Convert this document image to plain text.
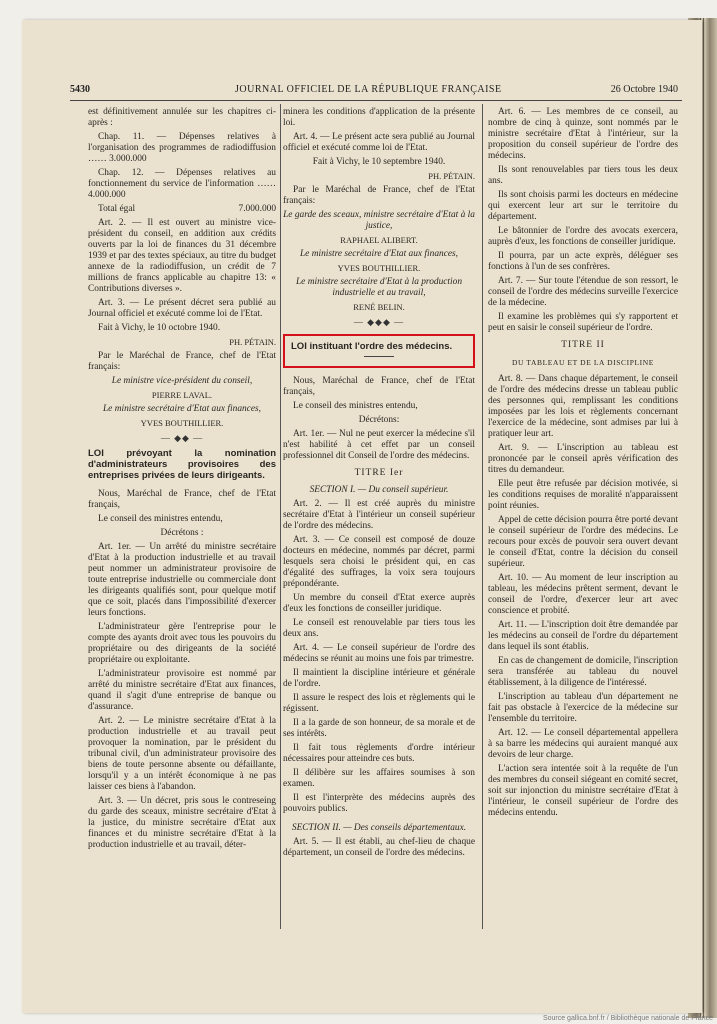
5430	JOURNAL OFFICIEL DE LA RÉPUBLIQUE FRANÇAISE	26 Octobre 1940

est définitivement annulée sur les chapitres ci-après :

Chap. 11. — Dépenses relatives à l'organisation des programmes de radiodiffusion …… 3.000.000

Chap. 12. — Dépenses relatives au fonctionnement du service de l'information …… 4.000.000

Total égal	7.000.000

Art. 2. — Il est ouvert au ministre vice-président du conseil, en addition aux crédits ouverts par la loi de finances du 31 décembre 1939 et par des textes spéciaux, au titre du budget annexe de la radiodiffusion, un crédit de 7 millions de francs applicable au chapitre 13: « Contributions diverses ».

Art. 3. — Le présent décret sera publié au Journal officiel et exécuté comme loi de l'Etat.

Fait à Vichy, le 10 octobre 1940.

PH. PÉTAIN.

Par le Maréchal de France, chef de l'Etat français:

Le ministre vice-président du conseil,

PIERRE LAVAL.

Le ministre secrétaire d'Etat aux finances,

YVES BOUTHILLIER.

— ◆◆ —
LOI prévoyant la nomination d'administrateurs provisoires des entreprises privées de leurs dirigeants.

Nous, Maréchal de France, chef de l'Etat français,

Le conseil des ministres entendu,

Décrétons :

Art. 1er. — Un arrêté du ministre secrétaire d'Etat à la production industrielle et au travail peut nommer un administrateur provisoire de toute entreprise industrielle ou commerciale dont les dirigeants qualifiés sont, pour quelque motif que ce soit, placés dans l'impossibilité d'exercer leurs fonctions.

L'administrateur gère l'entreprise pour le compte des ayants droit avec tous les pouvoirs du propriétaire ou des dirigeants de la société propriétaire ou exploitante.

L'administrateur provisoire est nommé par arrêté du ministre secrétaire d'Etat aux finances, quand il s'agit d'une entreprise de banque ou d'assurance.

Art. 2. — Le ministre secrétaire d'Etat à la production industrielle et au travail peut provoquer la nomination, par le président du tribunal civil, d'un administrateur provisoire des biens de toute personne absente ou défaillante, lorsqu'il y a un intérêt économique à ne pas laisser ces biens à l'abandon.

Art. 3. — Un décret, pris sous le contreseing du garde des sceaux, ministre secrétaire d'Etat à la justice, du ministre secrétaire d'Etat aux finances et du ministre secrétaire d'Etat à la production industrielle et au travail, déter-

minera les conditions d'application de la présente loi.

Art. 4. — Le présent acte sera publié au Journal officiel et exécuté comme loi de l'Etat.

Fait à Vichy, le 10 septembre 1940.

PH. PÉTAIN.

Par le Maréchal de France, chef de l'Etat français:

Le garde des sceaux, ministre secrétaire d'Etat à la justice,

RAPHAEL ALIBERT.

Le ministre secrétaire d'Etat aux finances,

YVES BOUTHILLIER.

Le ministre secrétaire d'Etat à la production industrielle et au travail,

RENÉ BELIN.

— ◆◆◆ —
LOI instituant l'ordre des médecins.

Nous, Maréchal de France, chef de l'Etat français,

Le conseil des ministres entendu,

Décrétons:

Art. 1er. — Nul ne peut exercer la médecine s'il n'est habilité à cet effet par un conseil professionnel dit Conseil de l'ordre des médecins.

TITRE Ier

SECTION I. — Du conseil supérieur.

Art. 2. — Il est créé auprès du ministre secrétaire d'Etat à l'intérieur un conseil supérieur de l'ordre des médecins.

Art. 3. — Ce conseil est composé de douze docteurs en médecine, nommés par décret, parmi lesquels sera choisi le président qui, en cas d'égalité des suffrages, la voix sera toujours prépondérante.

Un membre du conseil d'Etat exerce auprès d'eux les fonctions de conseiller juridique.

Le conseil est renouvelable par tiers tous les deux ans.

Art. 4. — Le conseil supérieur de l'ordre des médecins se réunit au moins une fois par trimestre.

Il maintient la discipline intérieure et générale de l'ordre.

Il assure le respect des lois et règlements qui le régissent.

Il a la garde de son honneur, de sa morale et de ses intérêts.

Il fait tous règlements d'ordre intérieur nécessaires pour atteindre ces buts.

Il délibère sur les affaires soumises à son examen.

Il est l'interprète des médecins auprès des pouvoirs publics.

SECTION II. — Des conseils départementaux.

Art. 5. — Il est établi, au chef-lieu de chaque département, un conseil de l'ordre des médecins.

Art. 6. — Les membres de ce conseil, au nombre de cinq à quinze, sont nommés par le ministre secrétaire d'Etat à l'intérieur, sur la proposition du conseil supérieur de l'ordre des médecins.

Ils sont renouvelables par tiers tous les deux ans.

Ils sont choisis parmi les docteurs en médecine qui exercent leur art sur le territoire du département.

Le bâtonnier de l'ordre des avocats exercera, auprès d'eux, les fonctions de conseiller juridique.

Il pourra, par un acte exprès, déléguer ses fonctions à l'un de ses confrères.

Art. 7. — Sur toute l'étendue de son ressort, le conseil de l'ordre des médecins surveille l'exercice de la médecine.

Il examine les problèmes qui s'y rapportent et peut en saisir le conseil supérieur de l'ordre.

TITRE II
DU TABLEAU ET DE LA DISCIPLINE

Art. 8. — Dans chaque département, le conseil de l'ordre des médecins dresse un tableau public des personnes qui, remplissant les conditions imposées par les lois et règlements concernant l'exercice de la médecine, sont admises par lui à pratiquer leur art.

Art. 9. — L'inscription au tableau est prononcée par le conseil après vérification des titres du demandeur.

Elle peut être refusée par décision motivée, si les conditions requises de moralité n'apparaissent point réunies.

Appel de cette décision pourra être porté devant le conseil supérieur de l'ordre des médecins. Le recours pour excès de pouvoir sera ouvert devant le conseil d'Etat, contre la décision du conseil supérieur.

Art. 10. — Au moment de leur inscription au tableau, les médecins prêtent serment, devant le conseil de l'ordre, d'exercer leur art avec conscience et probité.

Art. 11. — L'inscription doit être demandée par les médecins au conseil de l'ordre du département dans lequel ils sont établis.

En cas de changement de domicile, l'inscription sera transférée au tableau du nouvel établissement, à la diligence de l'intéressé.

L'inscription au tableau d'un département ne fait pas obstacle à l'exercice de la médecine sur l'ensemble du territoire.

Art. 12. — Le conseil départemental appellera à sa barre les médecins qui auraient manqué aux devoirs de leur charge.

L'action sera intentée soit à la requête de l'un des membres du conseil siégeant en comité secret, soit sur injonction du ministre secrétaire d'Etat à l'intérieur, le conseil supérieur de l'ordre des médecins entendu.

Source gallica.bnf.fr / Bibliothèque nationale de France
